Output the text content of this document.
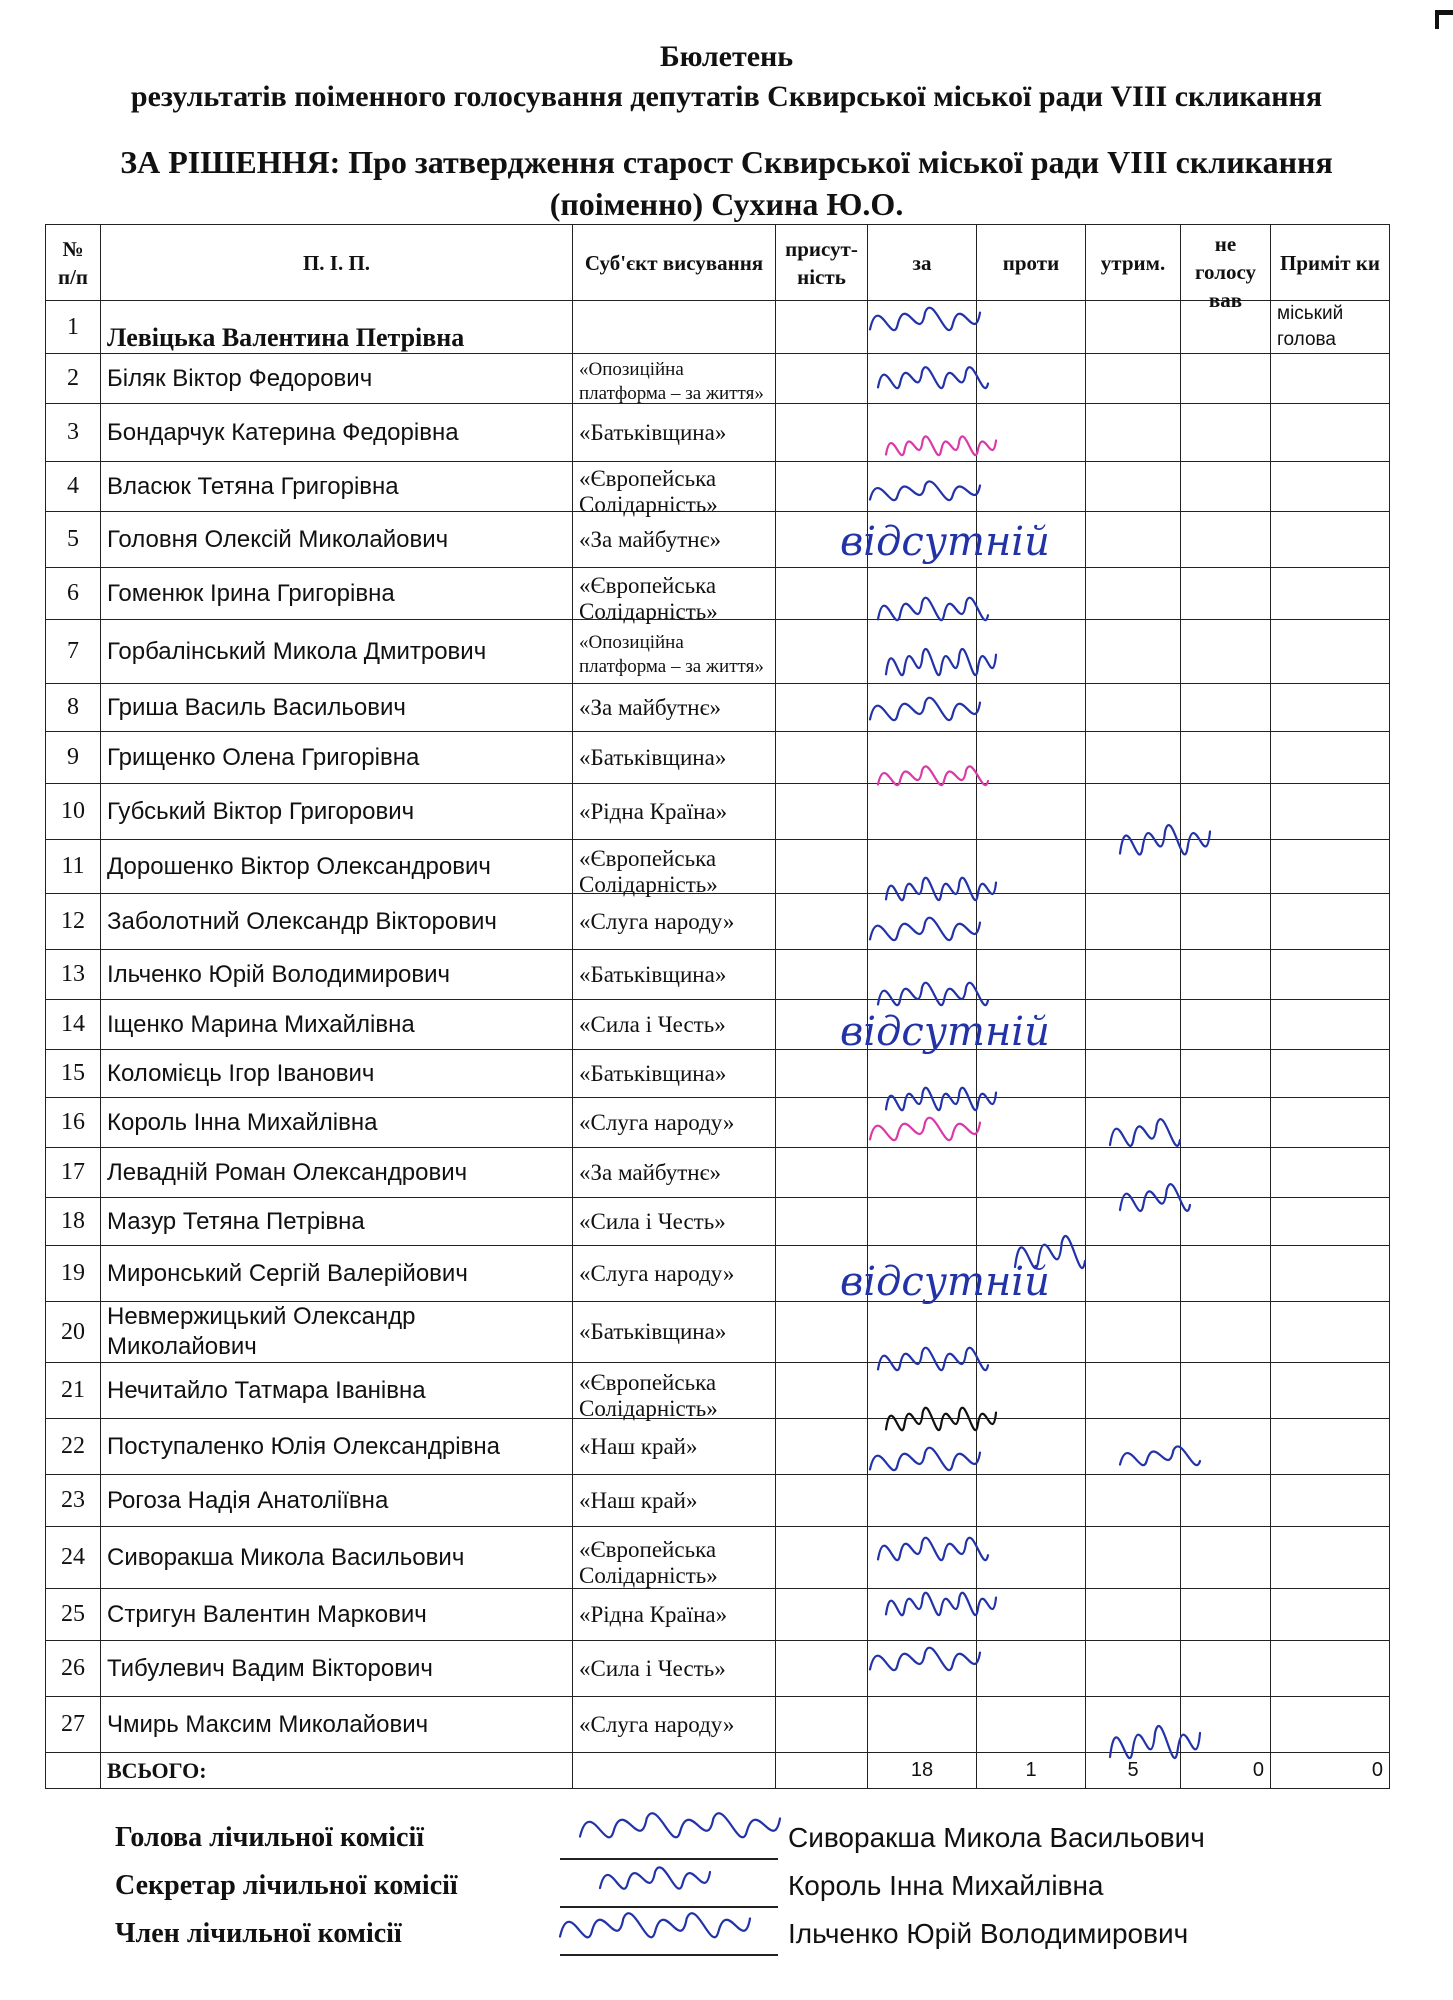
Бюлетень
результатів поіменного голосування депутатів Сквирської міської ради VIII скликання
ЗА РІШЕННЯ: Про затвердження старост Сквирської міської ради VIII скликання
(поіменно) Сухина Ю.О.
№ п/п	П. І. П.	Суб'єкт висування	присут-ність	за	проти	утрим.	не голосу вав	Приміт ки
1	Левіцька Валентина Петрівна							міський голова
2	Біляк Віктор Федорович	«Опозиційна платформа – за життя»						

3	Бондарчук Катерина Федорівна	«Батьківщина»						

4	Власюк Тетяна Григорівна	«Європейська Солідарність»						

5	Головня Олексій Миколайович	«За майбутнє»						

6	Гоменюк Ірина Григорівна	«Європейська Солідарність»						

7	Горбалінський Микола Дмитрович	«Опозиційна платформа – за життя»						

8	Гриша Василь Васильович	«За майбутнє»						

9	Грищенко Олена Григорівна	«Батьківщина»						

10	Губський Віктор Григорович	«Рідна Країна»						

11	Дорошенко Віктор Олександрович	«Європейська Солідарність»						

12	Заболотний Олександр Вікторович	«Слуга народу»						

13	Ільченко Юрій Володимирович	«Батьківщина»						

14	Іщенко Марина Михайлівна	«Сила і Честь»						

15	Коломієць Ігор Іванович	«Батьківщина»						

16	Король Інна Михайлівна	«Слуга народу»						

17	Левадній Роман Олександрович	«За майбутнє»						

18	Мазур Тетяна Петрівна	«Сила і Честь»						

19	Миронський Сергій Валерійович	«Слуга народу»						

20	Невмержицький Олександр Миколайович	«Батьківщина»						

21	Нечитайло Татмара Іванівна	«Європейська Солідарність»						

22	Поступаленко Юлія Олександрівна	«Наш край»						

23	Рогоза Надія Анатоліївна	«Наш край»						

24	Сиворакша Микола Васильович	«Європейська Солідарність»						

25	Стригун Валентин Маркович	«Рідна Країна»						

26	Тибулевич Вадим Вікторович	«Сила і Честь»						

27	Чмирь Максим Миколайович	«Слуга народу»						

	ВСЬОГО:			18	1	5	0	0
Голова лічильної комісії	Сиворакша Микола Васильович
Секретар лічильної комісії	Король Інна Михайлівна
Член лічильної комісії	Ільченко Юрій Володимирович
відсутній
відсутній
відсутній
